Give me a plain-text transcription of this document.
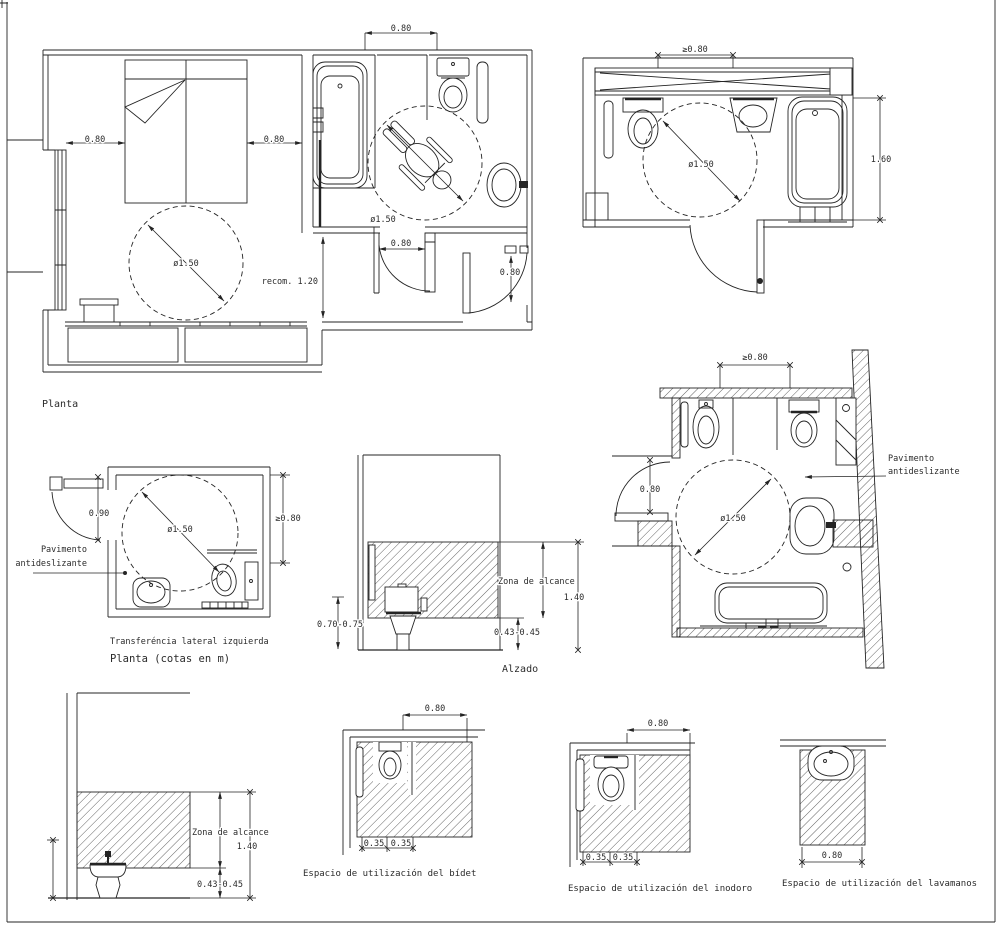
0.80	0.80
0.80
ø1.50
ø1.50
0.80
0.80
recom. 1.20
Planta
≥0.80
ø1.50	1.60
0.90
ø1.50
≥0.80
Pavimento
antideslizante
Transferéncia lateral izquierda
Planta (cotas en m)
Zona de alcance
1.40
0.43-0.45
0.70-0.75
Alzado
≥0.80
0.80
ø1.50
Pavimento
antideslizante
Zona de alcance
1.40
0.43-0.45
0.80
0.35 0.35
Espacio de utilización del bídet
0.80
0.35 0.35
Espacio de utilización del inodoro
0.80
Espacio de utilización del lavamanos
